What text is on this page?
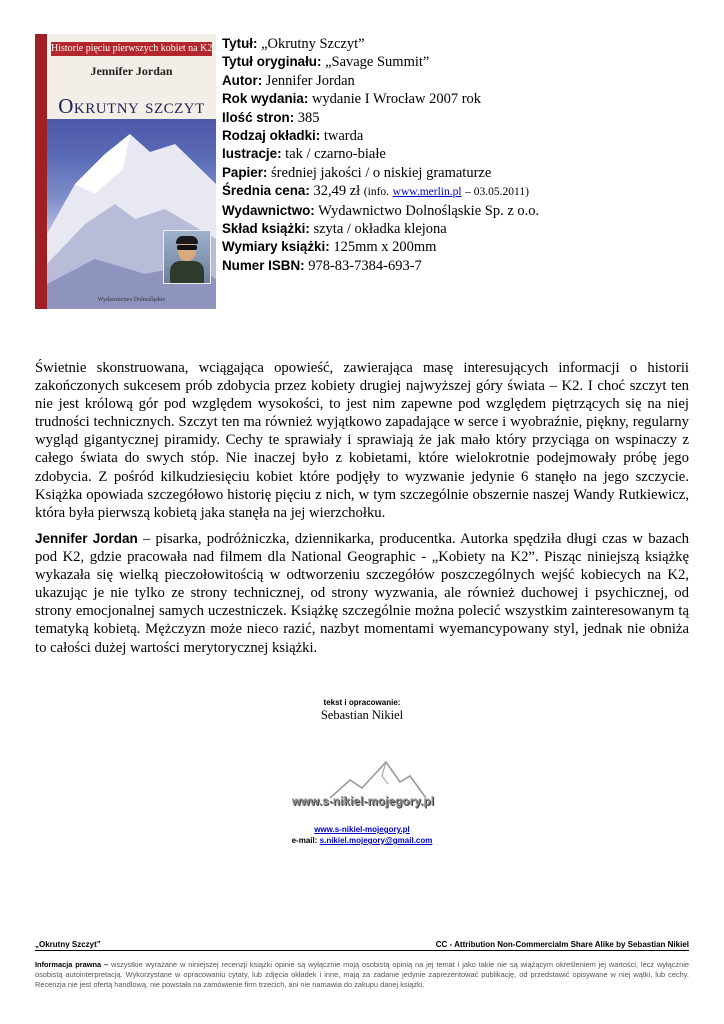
Historie pięciu pierwszych kobiet na K2
Jennifer Jordan
Okrutny szczyt
Wydawnictwo Dolnośląskie
Tytuł: „Okrutny Szczyt”
Tytuł oryginału: „Savage Summit”
Autor: Jennifer Jordan
Rok wydania: wydanie I Wrocław 2007 rok
Ilość stron: 385
Rodzaj okładki: twarda
Iustracje: tak / czarno-białe
Papier: średniej jakości / o niskiej gramaturze
Średnia cena: 32,49 zł (info. www.merlin.pl – 03.05.2011)
Wydawnictwo: Wydawnictwo Dolnośląskie Sp. z o.o.
Skład książki: szyta / okładka klejona
Wymiary książki: 125mm x 200mm
Numer ISBN: 978-83-7384-693-7
Świetnie skonstruowana, wciągająca opowieść, zawierająca masę interesujących informacji o historii zakończonych sukcesem prób zdobycia przez kobiety drugiej najwyższej góry świata – K2. I choć szczyt ten nie jest królową gór pod względem wysokości, to jest nim zapewne pod względem piętrzących się na niej trudności technicznych. Szczyt ten ma również wyjątkowo zapadające w serce i wyobraźnie, piękny, regularny wygląd gigantycznej piramidy. Cechy te sprawiały i sprawiają że jak mało który przyciąga on wspinaczy z całego świata do swych stóp. Nie inaczej było z kobietami, które wielokrotnie podejmowały próbę jego zdobycia. Z pośród kilkudziesięciu kobiet które podjęły to wyzwanie jedynie 6 stanęło na jego szczycie. Książka opowiada szczegółowo historię pięciu z nich, w tym szczególnie obszernie naszej Wandy Rutkiewicz, która była pierwszą kobietą jaka stanęła na jej wierzchołku.
Jennifer Jordan – pisarka, podróżniczka, dziennikarka, producentka. Autorka spędziła długi czas w bazach pod K2, gdzie pracowała nad filmem dla National Geographic - „Kobiety na K2”. Pisząc niniejszą książkę wykazała się wielką pieczołowitością w odtworzeniu szczegółów poszczególnych wejść kobiecych na K2, ukazując je nie tylko ze strony technicznej, od strony wyzwania, ale również duchowej i psychicznej, od strony emocjonalnej samych uczestniczek. Książkę szczególnie można polecić wszystkim zainteresowanym tą tematyką kobietą. Mężczyzn może nieco razić, nazbyt momentami wyemancypowany styl, jednak nie obniża to całości dużej wartości merytorycznej książki.
tekst i opracowanie:
Sebastian Nikiel
www.s-nikiel-mojegory.pl
www.s-nikiel-mojegory.pl
e-mail: s.nikiel.mojegory@gmail.com
„Okrutny Szczyt”	CC - Attribution Non-Commercialm Share Alike by Sebastian Nikiel

Informacja prawna – wszystkie wyrażane w niniejszej recenzji książki opinie są wyłącznie moją osobistą opinią na jej temat i jako takie nie są wiążącym określeniem jej wartości, lecz wyłącznie osobistą autointerpretacją. Wykorzystane w opracowaniu cytaty, lub zdjęcia okładek i inne, mają za zadanie jedynie zaprezentować publikację, od przedstawić opisywane w niej wątki, lub cechy. Recenzja nie jest ofertą handlową, nie powstała na zamówienie firm trzecich, ani nie namawia do zakupu danej książki.
